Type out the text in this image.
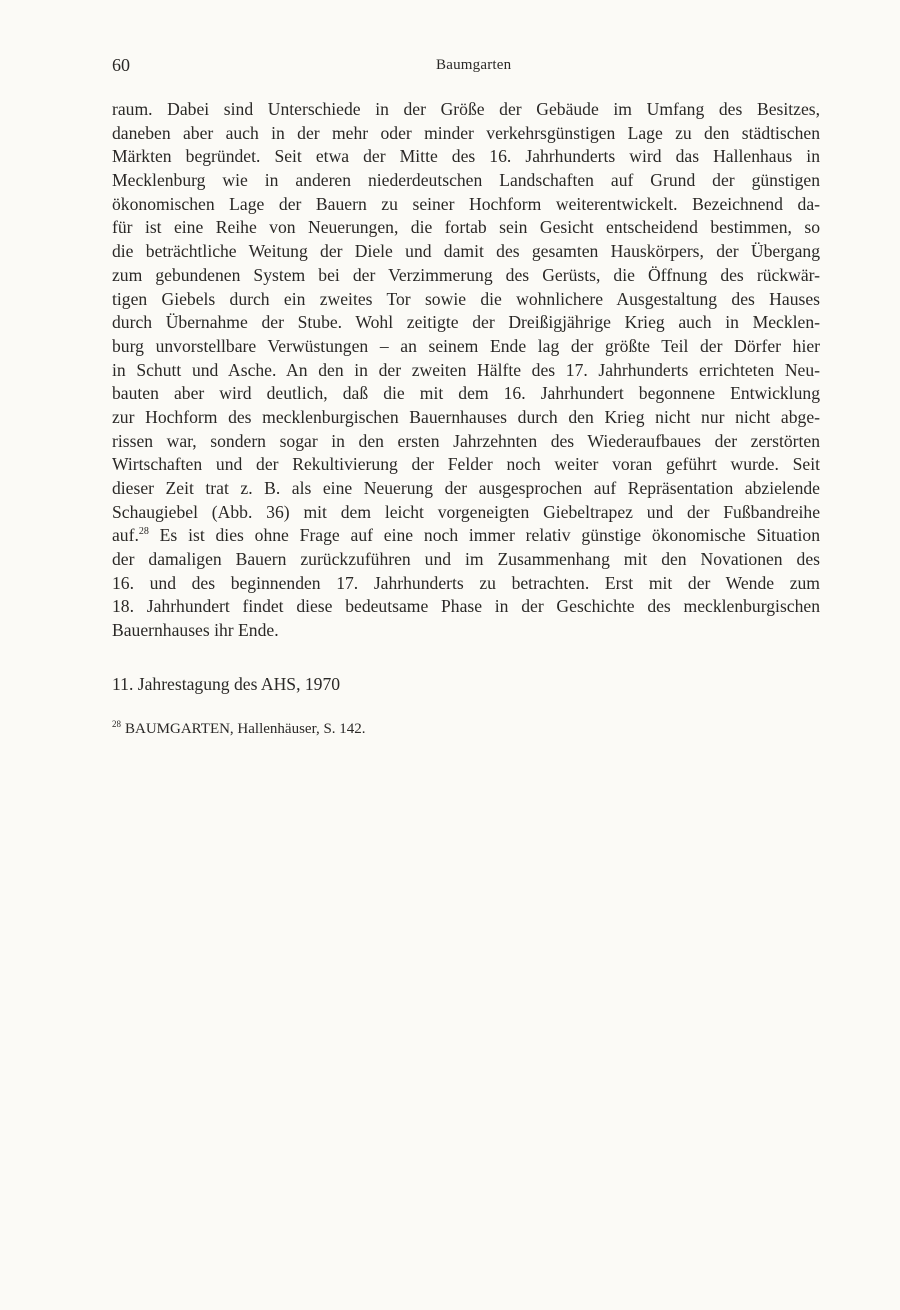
60	Baumgarten
raum. Dabei sind Unterschiede in der Größe der Gebäude im Umfang des Besitzes,
daneben aber auch in der mehr oder minder verkehrsgünstigen Lage zu den städtischen
Märkten begründet. Seit etwa der Mitte des 16. Jahrhunderts wird das Hallenhaus in
Mecklenburg wie in anderen niederdeutschen Landschaften auf Grund der günstigen
ökonomischen Lage der Bauern zu seiner Hochform weiterentwickelt. Bezeichnend da-
für ist eine Reihe von Neuerungen, die fortab sein Gesicht entscheidend bestimmen, so
die beträchtliche Weitung der Diele und damit des gesamten Hauskörpers, der Übergang
zum gebundenen System bei der Verzimmerung des Gerüsts, die Öffnung des rückwär-
tigen Giebels durch ein zweites Tor sowie die wohnlichere Ausgestaltung des Hauses
durch Übernahme der Stube. Wohl zeitigte der Dreißigjährige Krieg auch in Mecklen-
burg unvorstellbare Verwüstungen – an seinem Ende lag der größte Teil der Dörfer hier
in Schutt und Asche. An den in der zweiten Hälfte des 17. Jahrhunderts errichteten Neu-
bauten aber wird deutlich, daß die mit dem 16. Jahrhundert begonnene Entwicklung
zur Hochform des mecklenburgischen Bauernhauses durch den Krieg nicht nur nicht abge-
rissen war, sondern sogar in den ersten Jahrzehnten des Wiederaufbaues der zerstörten
Wirtschaften und der Rekultivierung der Felder noch weiter voran geführt wurde. Seit
dieser Zeit trat z. B. als eine Neuerung der ausgesprochen auf Repräsentation abzielende
Schaugiebel (Abb. 36) mit dem leicht vorgeneigten Giebeltrapez und der Fußbandreihe
auf.$^{28}$ Es ist dies ohne Frage auf eine noch immer relativ günstige ökonomische Situation
der damaligen Bauern zurückzuführen und im Zusammenhang mit den Novationen des
16. und des beginnenden 17. Jahrhunderts zu betrachten. Erst mit der Wende zum
18. Jahrhundert findet diese bedeutsame Phase in der Geschichte des mecklenburgischen
Bauernhauses ihr Ende.
11. Jahrestagung des AHS, 1970
$^{28}$ BAUMGARTEN, Hallenhäuser, S. 142.
